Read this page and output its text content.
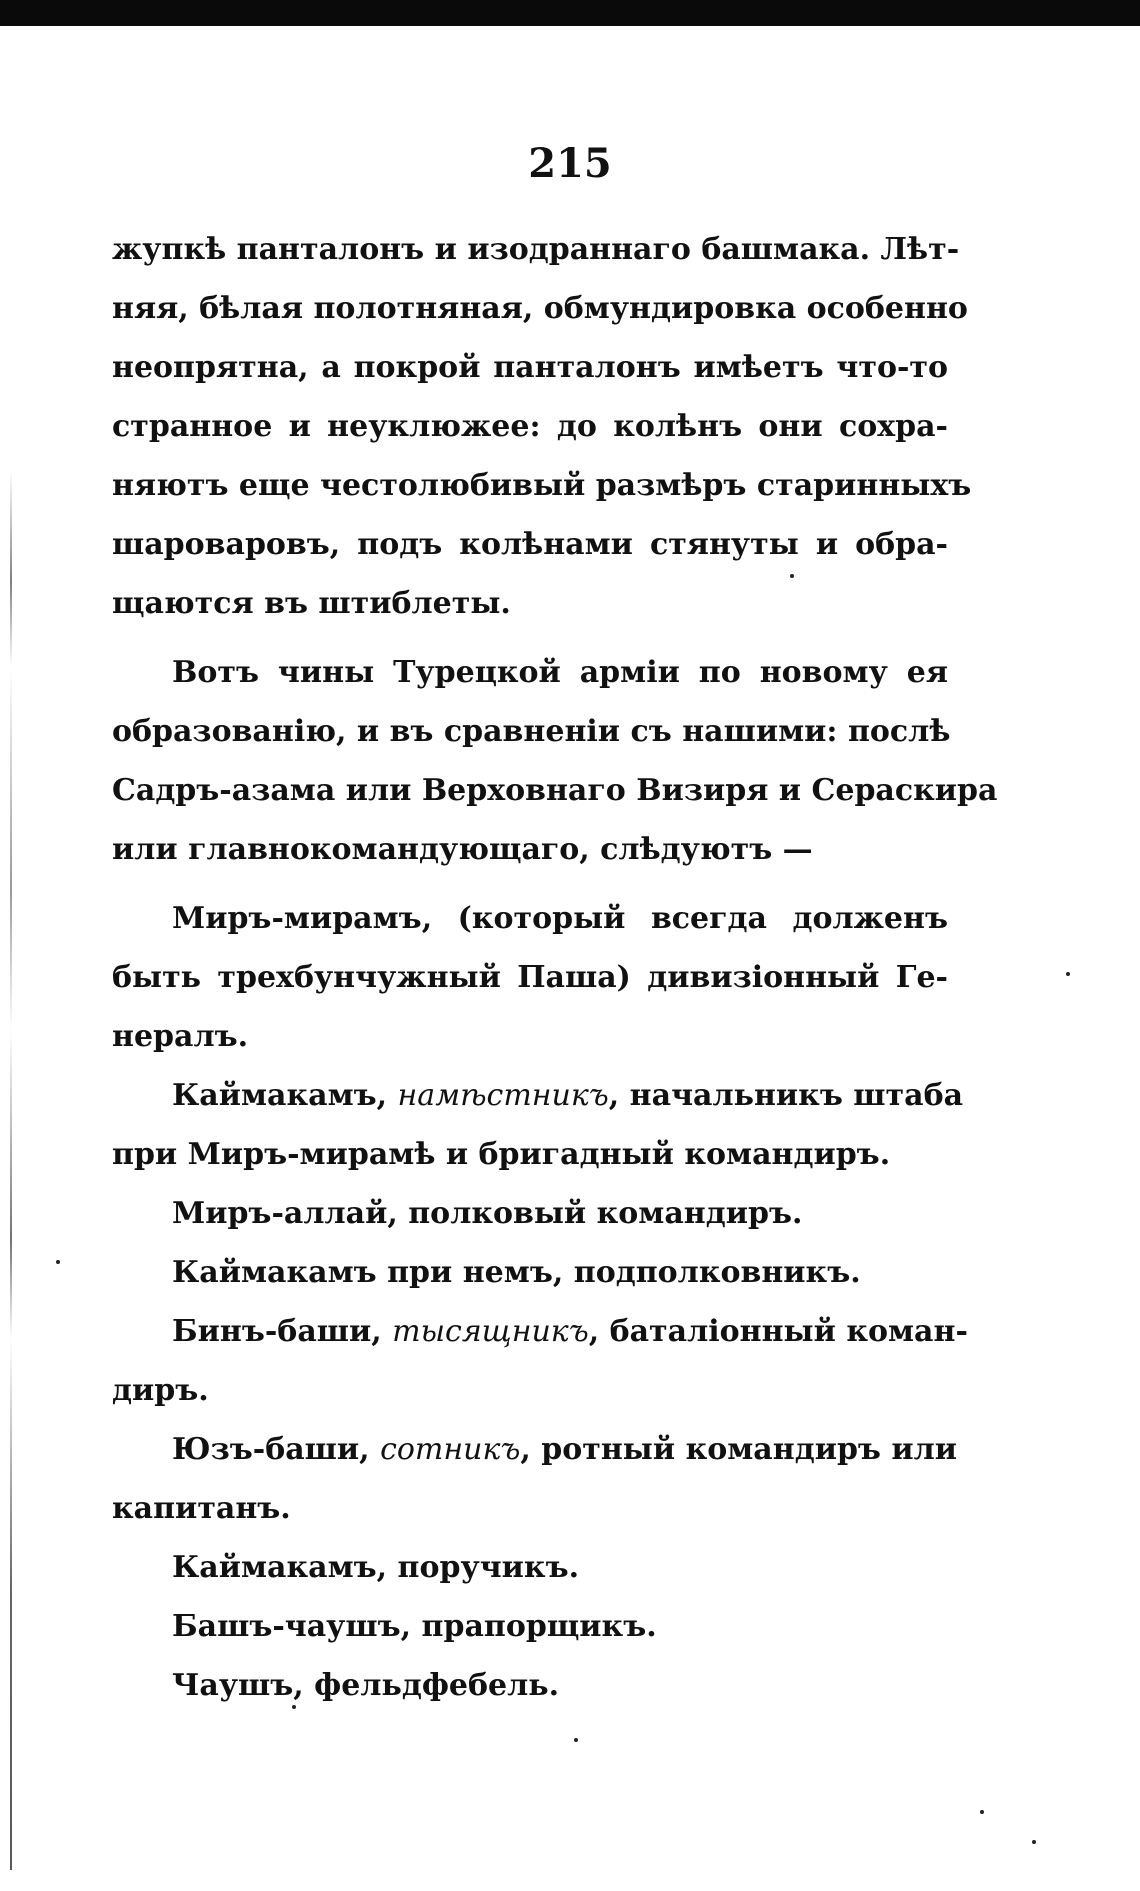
215
жупкѣ панталонъ и изодраннаго башмака. Лѣт-
няя, бѣлая полотняная, обмундировка особенно
неопрятна, а покрой панталонъ имѣетъ что-то
странное и неуклюжее: до колѣнъ они сохра-
няютъ еще честолюбивый размѣръ старинныхъ
шароваровъ, подъ колѣнами стянуты и обра-
щаются въ штиблеты.
Вотъ чины Турецкой арміи по новому ея
образованію, и въ сравненіи съ нашими: послѣ
Садръ-азама или Верховнаго Визиря и Сераскира
или главнокомандующаго, слѣдуютъ —
Миръ-мирамъ, (который всегда долженъ
быть трехбунчужный Паша) дивизіонный Ге-
нералъ.
Каймакамъ, намѣстникъ, начальникъ штаба
при Миръ-мирамѣ и бригадный командиръ.
Миръ-аллай, полковый командиръ.
Каймакамъ при немъ, подполковникъ.
Бинъ-баши, тысящникъ, баталіонный коман-
диръ.
Юзъ-баши, сотникъ, ротный командиръ или
капитанъ.
Каймакамъ, поручикъ.
Башъ-чаушъ, прапорщикъ.
Чаушъ, фельдфебель.
